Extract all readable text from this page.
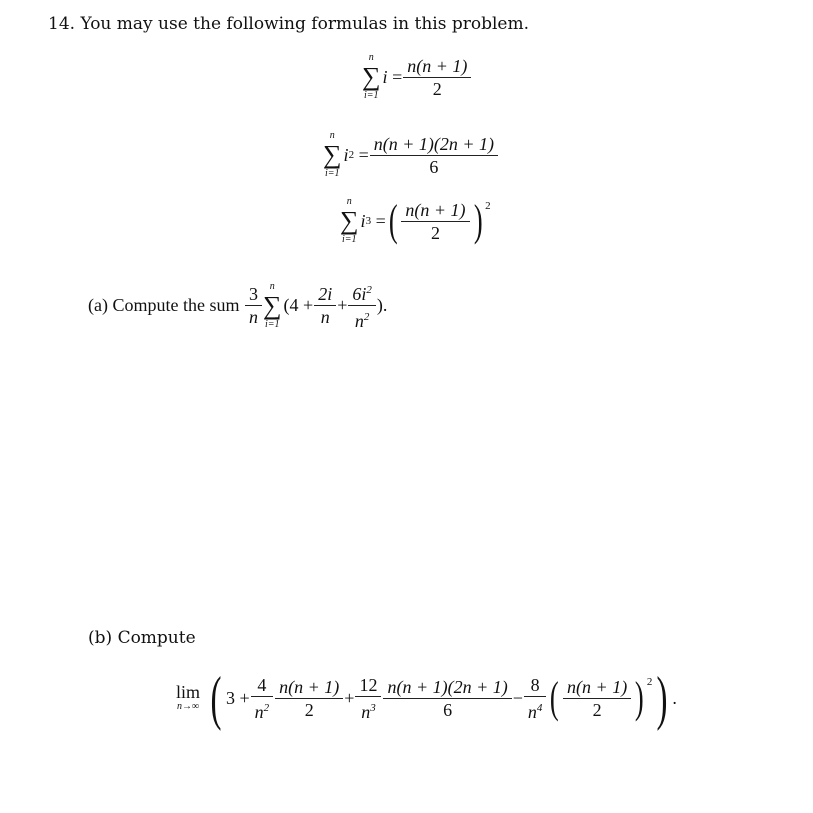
14. You may use the following formulas in this problem.
n
∑
i=1
i
= $\frac{n(n + 1)}{2}$
n
∑
i=1
i 2
= $\frac{n(n + 1)(2n + 1)}{6}$
n
∑
i=1
i 3
= ( $\frac{n(n + 1)}{2}$ ) $^2$
(a)
Compute the sum
$\frac{3}{n}$ n
∑
i=1
($4 + \frac{2i}{n} + \frac{6i^2}{n^2}$ ).
(b) Compute
lim
n→∞ ( $3 + \frac{4}{n^2} \frac{n(n + 1)}{2} + \frac{12}{n^3} \frac{n(n + 1)(2n + 1)}{6} - \frac{8}{n^4}$ ( $\frac{n(n + 1)}{2}$ ) $^2$ ) .
